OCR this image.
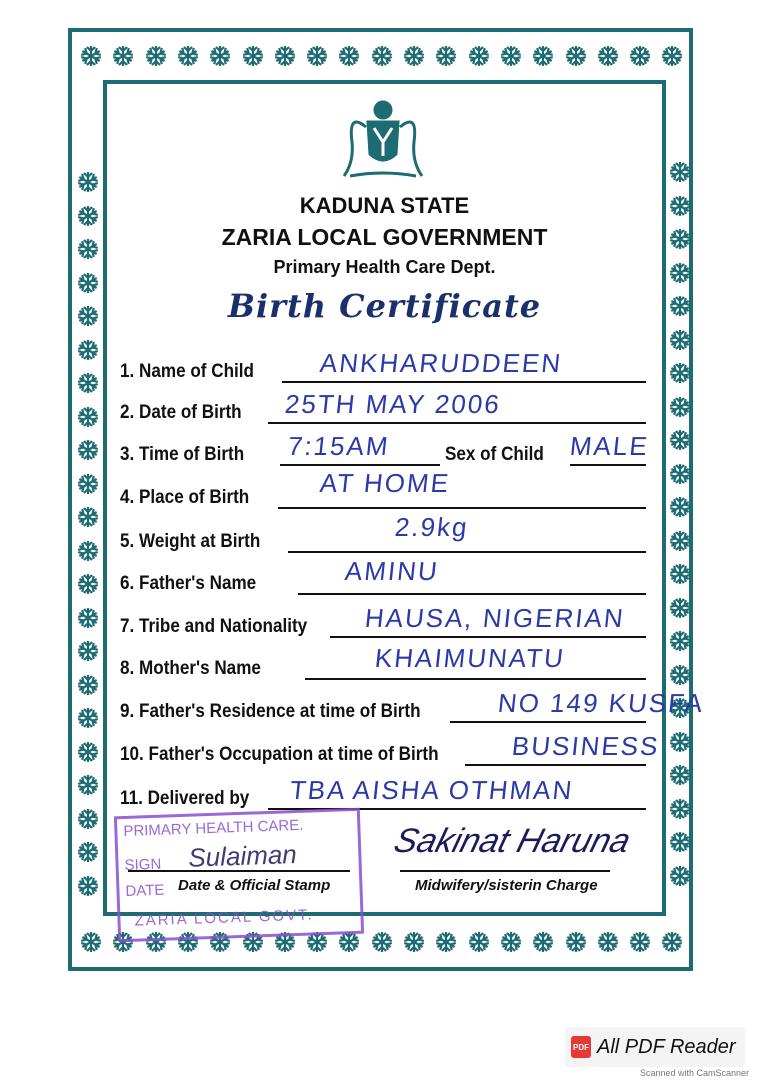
KADUNA STATE
ZARIA LOCAL GOVERNMENT
Primary Health Care Dept.
Birth Certificate
1. Name of Child ANKHARUDDEEN
2. Date of Birth 25TH MAY 2006
3. Time of Birth 7:15AM	Sex of Child MALE
4. Place of Birth	AT HOME
5. Weight at Birth	2.9kg
6. Father's Name	AMINU
7. Tribe and Nationality HAUSA, NIGERIAN
8. Mother's Name	KHAIMUNATU
9. Father's Residence at time of Birth	NO 149 KUSFA
10. Father's Occupation at time of Birth	BUSINESS
11. Delivered by TBA AISHA OTHMAN
Date & Official Stamp	Midwifery/sisterin Charge
Sakinat Haruna
PRIMARY HEALTH CARE.
SIGN
DATE
ZARIA LOCAL GOVT.
Sulaiman
PDF All PDF Reader
Scanned with CamScanner
